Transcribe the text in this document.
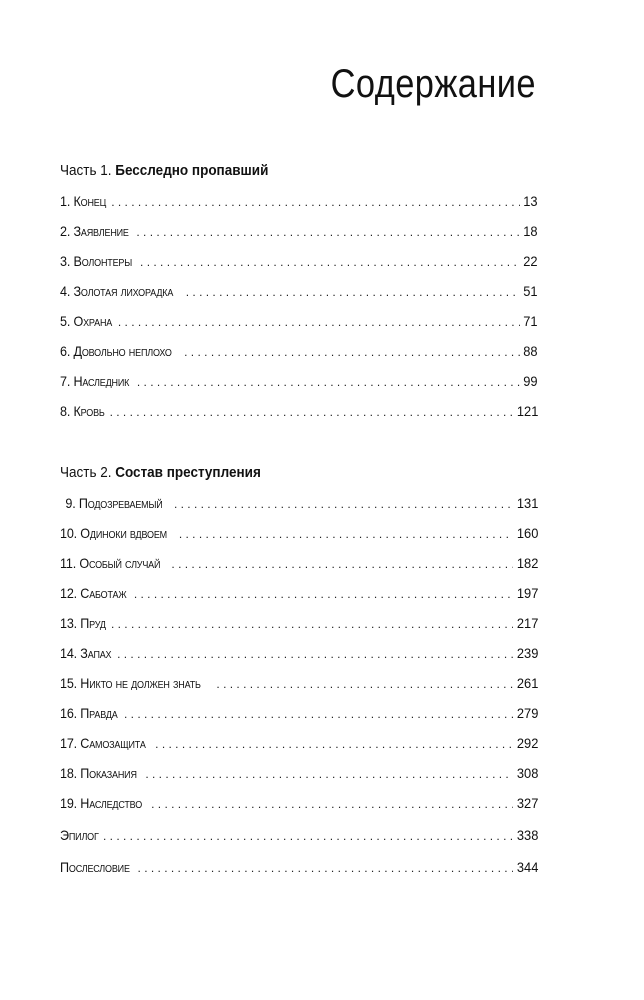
Содержание
Часть 1. Бесследно пропавший
1. Конец . . .	13
2. Заявление . . .	18
3. Волонтеры . . .	22
4. Золотая лихорадка . . .	51
5. Охрана . . .	71
6. Довольно неплохо . . .	88
7. Наследник . . .	99
8. Кровь . . .	121
Часть 2. Состав преступления
9. Подозреваемый . . .	131
10. Одиноки вдвоем . . .	160
11. Особый случай . . .	182
12. Саботаж . . .	197
13. Пруд . . .	217
14. Запах . . .	239
15. Никто не должен знать . . .	261
16. Правда . . .	279
17. Самозащита . . .	292
18. Показания . . .	308
19. Наследство . . .	327
Эпилог . . .	338
Послесловие . . .	344
